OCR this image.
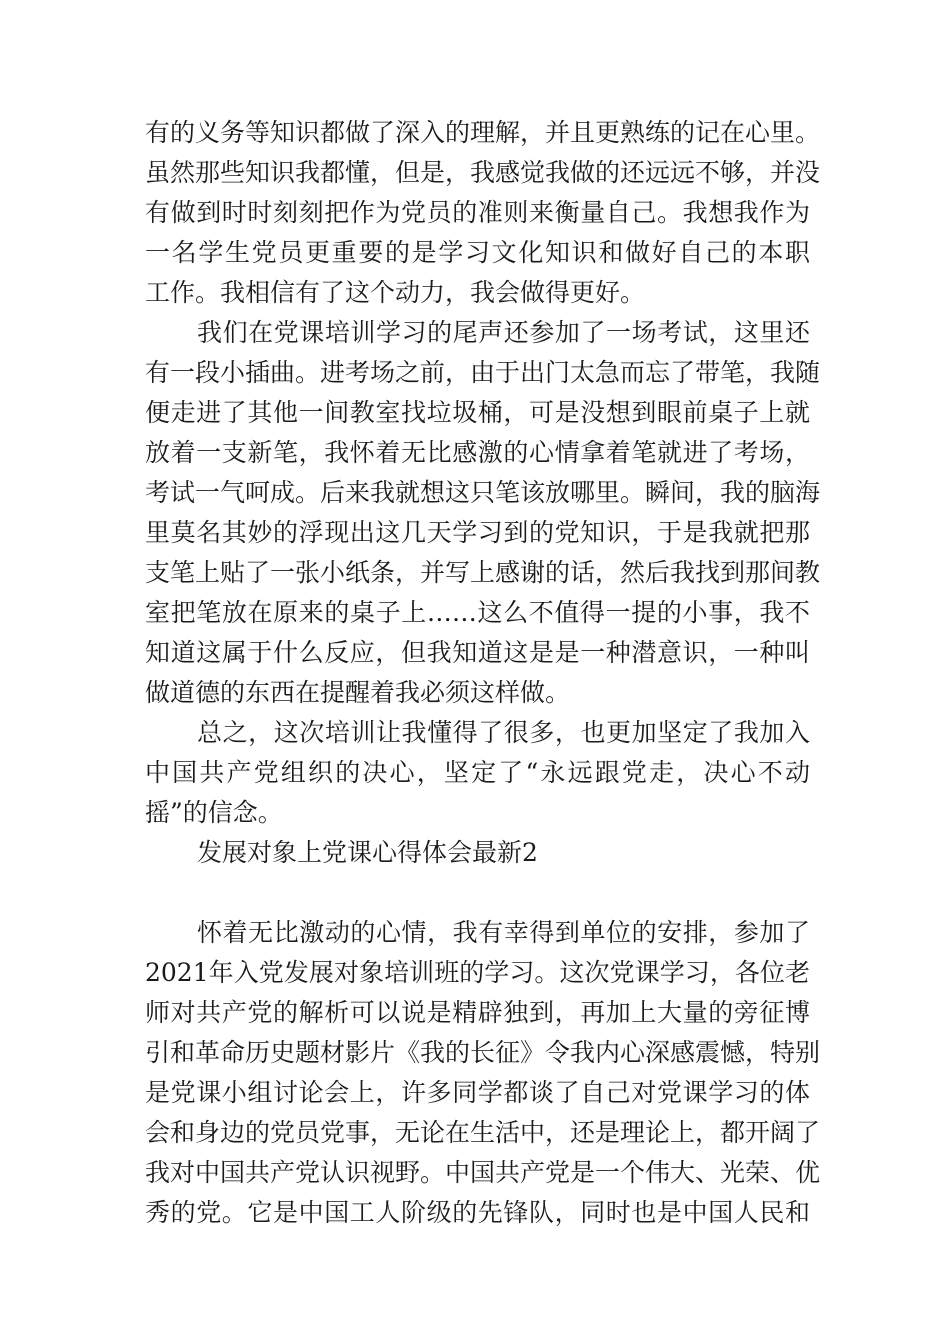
有的义务等知识都做了深入的理解，并且更熟练的记在心里。
虽然那些知识我都懂，但是，我感觉我做的还远远不够，并没
有做到时时刻刻把作为党员的准则来衡量自己。我想我作为
一名学生党员更重要的是学习文化知识和做好自己的本职
工作。我相信有了这个动力，我会做得更好。
我们在党课培训学习的尾声还参加了一场考试，这里还
有一段小插曲。进考场之前，由于出门太急而忘了带笔，我随
便走进了其他一间教室找垃圾桶，可是没想到眼前桌子上就
放着一支新笔，我怀着无比感激的心情拿着笔就进了考场，
考试一气呵成。后来我就想这只笔该放哪里。瞬间，我的脑海
里莫名其妙的浮现出这几天学习到的党知识，于是我就把那
支笔上贴了一张小纸条，并写上感谢的话，然后我找到那间教
室把笔放在原来的桌子上……这么不值得一提的小事，我不
知道这属于什么反应，但我知道这是是一种潜意识，一种叫
做道德的东西在提醒着我必须这样做。
总之，这次培训让我懂得了很多，也更加坚定了我加入
中国共产党组织的决心，坚定了“永远跟党走，决心不动
摇”的信念。
发展对象上党课心得体会最新2
怀着无比激动的心情，我有幸得到单位的安排，参加了
2021年入党发展对象培训班的学习。这次党课学习，各位老
师对共产党的解析可以说是精辟独到，再加上大量的旁征博
引和革命历史题材影片《我的长征》令我内心深感震憾，特别
是党课小组讨论会上，许多同学都谈了自己对党课学习的体
会和身边的党员党事，无论在生活中，还是理论上，都开阔了
我对中国共产党认识视野。中国共产党是一个伟大、光荣、优
秀的党。它是中国工人阶级的先锋队，同时也是中国人民和
